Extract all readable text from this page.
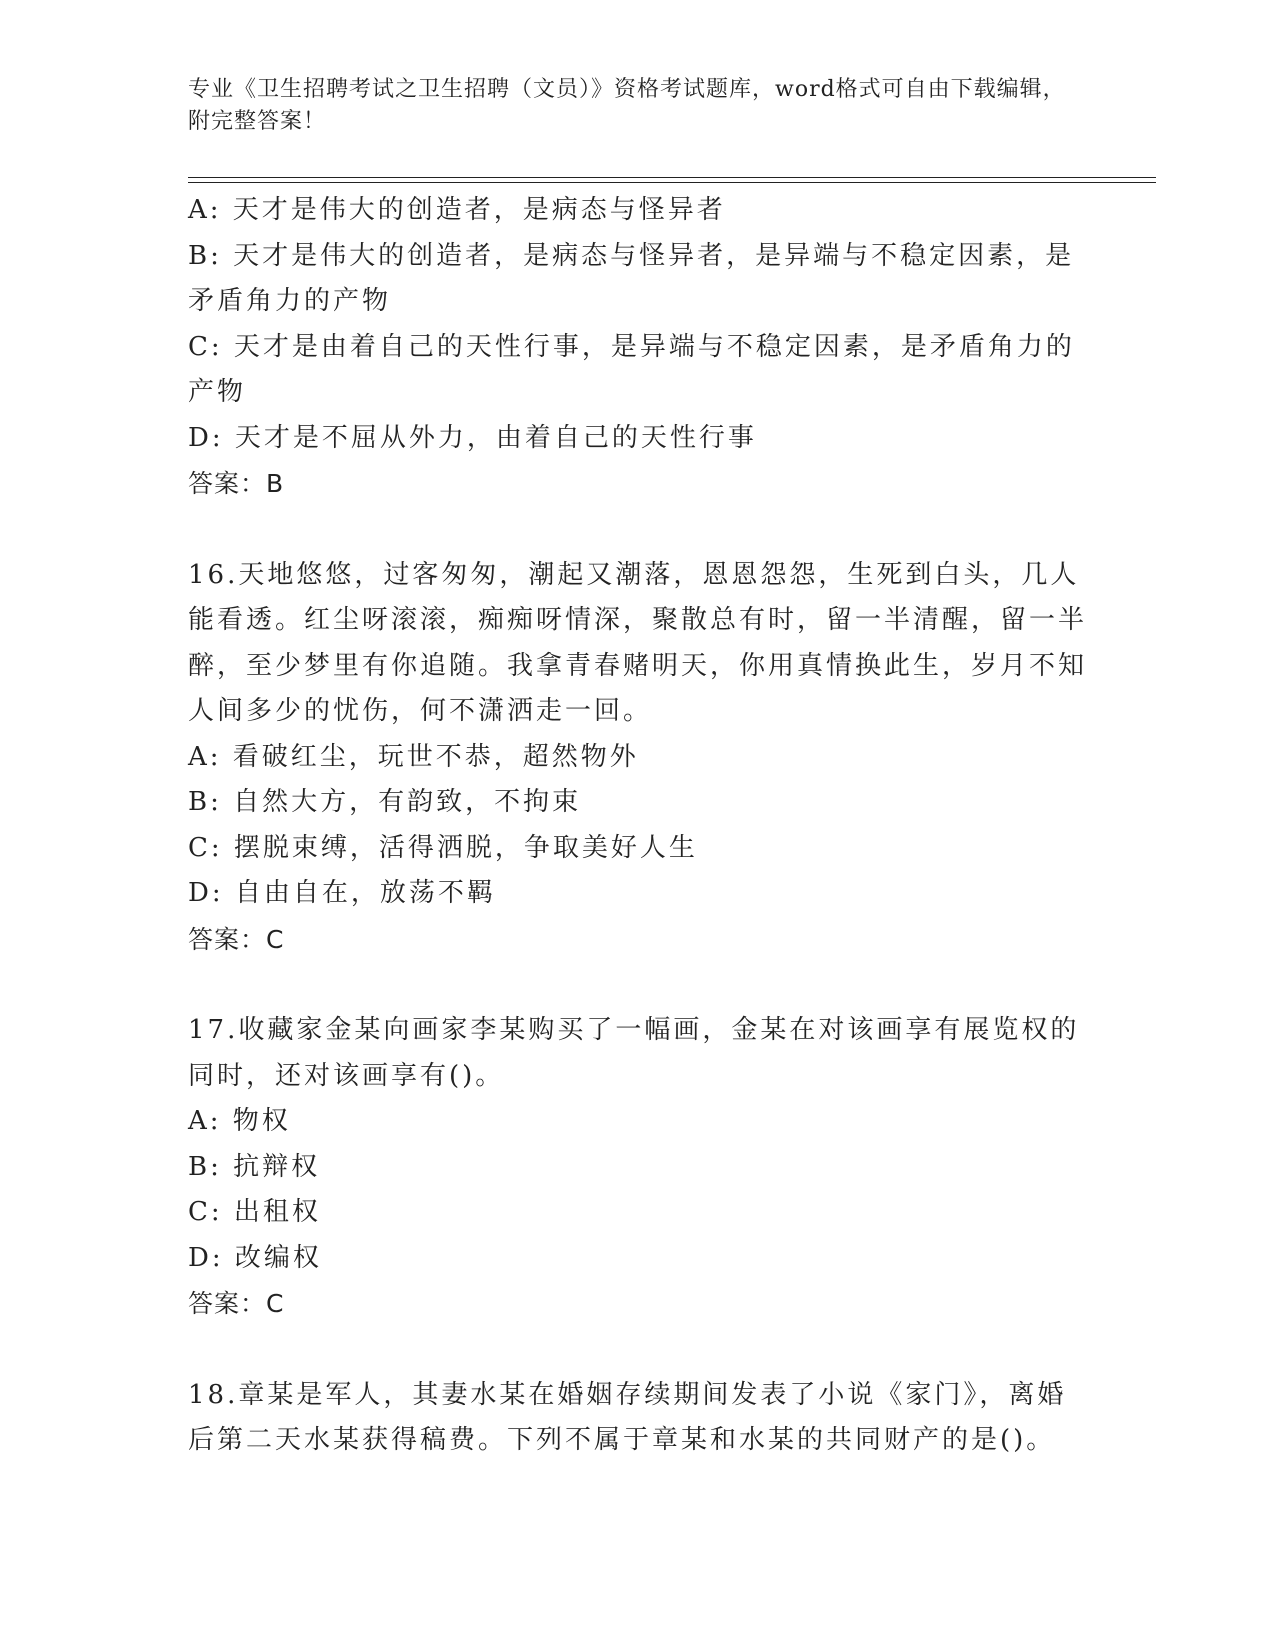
专业《卫生招聘考试之卫生招聘（文员）》资格考试题库，word格式可自由下载编辑，附完整答案！
A: 天才是伟大的创造者，是病态与怪异者
B: 天才是伟大的创造者，是病态与怪异者，是异端与不稳定因素，是矛盾角力的产物
C: 天才是由着自己的天性行事，是异端与不稳定因素，是矛盾角力的产物
D: 天才是不屈从外力，由着自己的天性行事
答案：B
16.天地悠悠，过客匆匆，潮起又潮落，恩恩怨怨，生死到白头，几人能看透。红尘呀滚滚，痴痴呀情深，聚散总有时，留一半清醒，留一半醉，至少梦里有你追随。我拿青春赌明天，你用真情换此生，岁月不知人间多少的忧伤，何不潇洒走一回。
A: 看破红尘，玩世不恭，超然物外
B: 自然大方，有韵致，不拘束
C: 摆脱束缚，活得洒脱，争取美好人生
D: 自由自在，放荡不羁
答案：C
17.收藏家金某向画家李某购买了一幅画，金某在对该画享有展览权的同时，还对该画享有()。
A: 物权
B: 抗辩权
C: 出租权
D: 改编权
答案：C
18.章某是军人，其妻水某在婚姻存续期间发表了小说《家门》，离婚后第二天水某获得稿费。下列不属于章某和水某的共同财产的是()。
